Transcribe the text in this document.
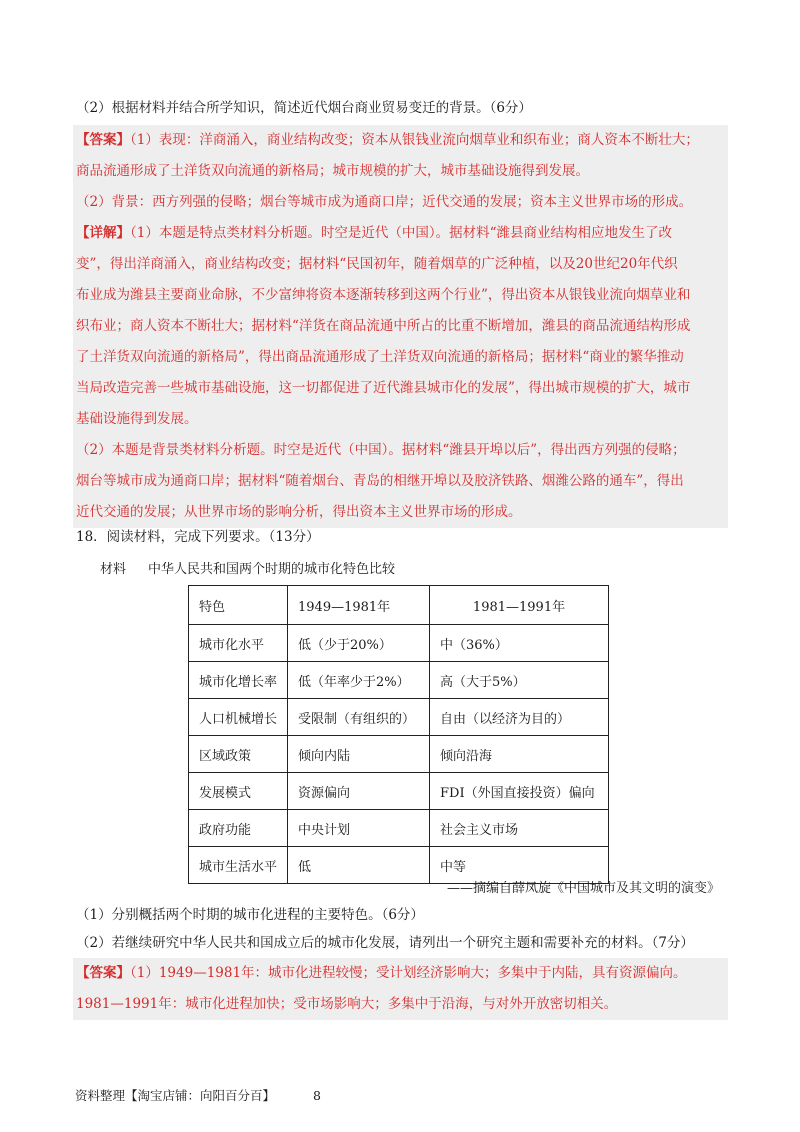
（2）根据材料并结合所学知识，简述近代烟台商业贸易变迁的背景。（6分）
【答案】（1）表现：洋商涌入，商业结构改变；资本从银钱业流向烟草业和织布业；商人资本不断壮大；
商品流通形成了土洋货双向流通的新格局；城市规模的扩大，城市基础设施得到发展。
（2）背景：西方列强的侵略；烟台等城市成为通商口岸；近代交通的发展；资本主义世界市场的形成。
【详解】（1）本题是特点类材料分析题。时空是近代（中国）。据材料“潍县商业结构相应地发生了改
变”，得出洋商涌入，商业结构改变；据材料“民国初年，随着烟草的广泛种植，以及20世纪20年代织
布业成为潍县主要商业命脉，不少富绅将资本逐渐转移到这两个行业”，得出资本从银钱业流向烟草业和
织布业；商人资本不断壮大；据材料“洋货在商品流通中所占的比重不断增加，潍县的商品流通结构形成
了土洋货双向流通的新格局”，得出商品流通形成了土洋货双向流通的新格局；据材料“商业的繁华推动
当局改造完善一些城市基础设施，这一切都促进了近代潍县城市化的发展”，得出城市规模的扩大，城市
基础设施得到发展。
（2）本题是背景类材料分析题。时空是近代（中国）。据材料“潍县开埠以后”，得出西方列强的侵略；
烟台等城市成为通商口岸；据材料“随着烟台、青岛的相继开埠以及胶济铁路、烟潍公路的通车”，得出
近代交通的发展；从世界市场的影响分析，得出资本主义世界市场的形成。
18．阅读材料，完成下列要求。（13分）
材料 中华人民共和国两个时期的城市化特色比较
特色	1949—1981年	1981—1991年
城市化水平	低（少于20%）	中（36%）
城市化增长率	低（年率少于2%）	高（大于5%）
人口机械增长	受限制（有组织的）	自由（以经济为目的）
区域政策	倾向内陆	倾向沿海
发展模式	资源偏向	FDI（外国直接投资）偏向
政府功能	中央计划	社会主义市场
城市生活水平	低	中等
——摘编自薛凤旋《中国城市及其文明的演变》
（1）分别概括两个时期的城市化进程的主要特色。（6分）
（2）若继续研究中华人民共和国成立后的城市化发展，请列出一个研究主题和需要补充的材料。（7分）
【答案】（1）1949—1981年：城市化进程较慢；受计划经济影响大；多集中于内陆，具有资源偏向。
1981—1991年：城市化进程加快；受市场影响大；多集中于沿海，与对外开放密切相关。
资料整理【淘宝店铺：向阳百分百】	8
